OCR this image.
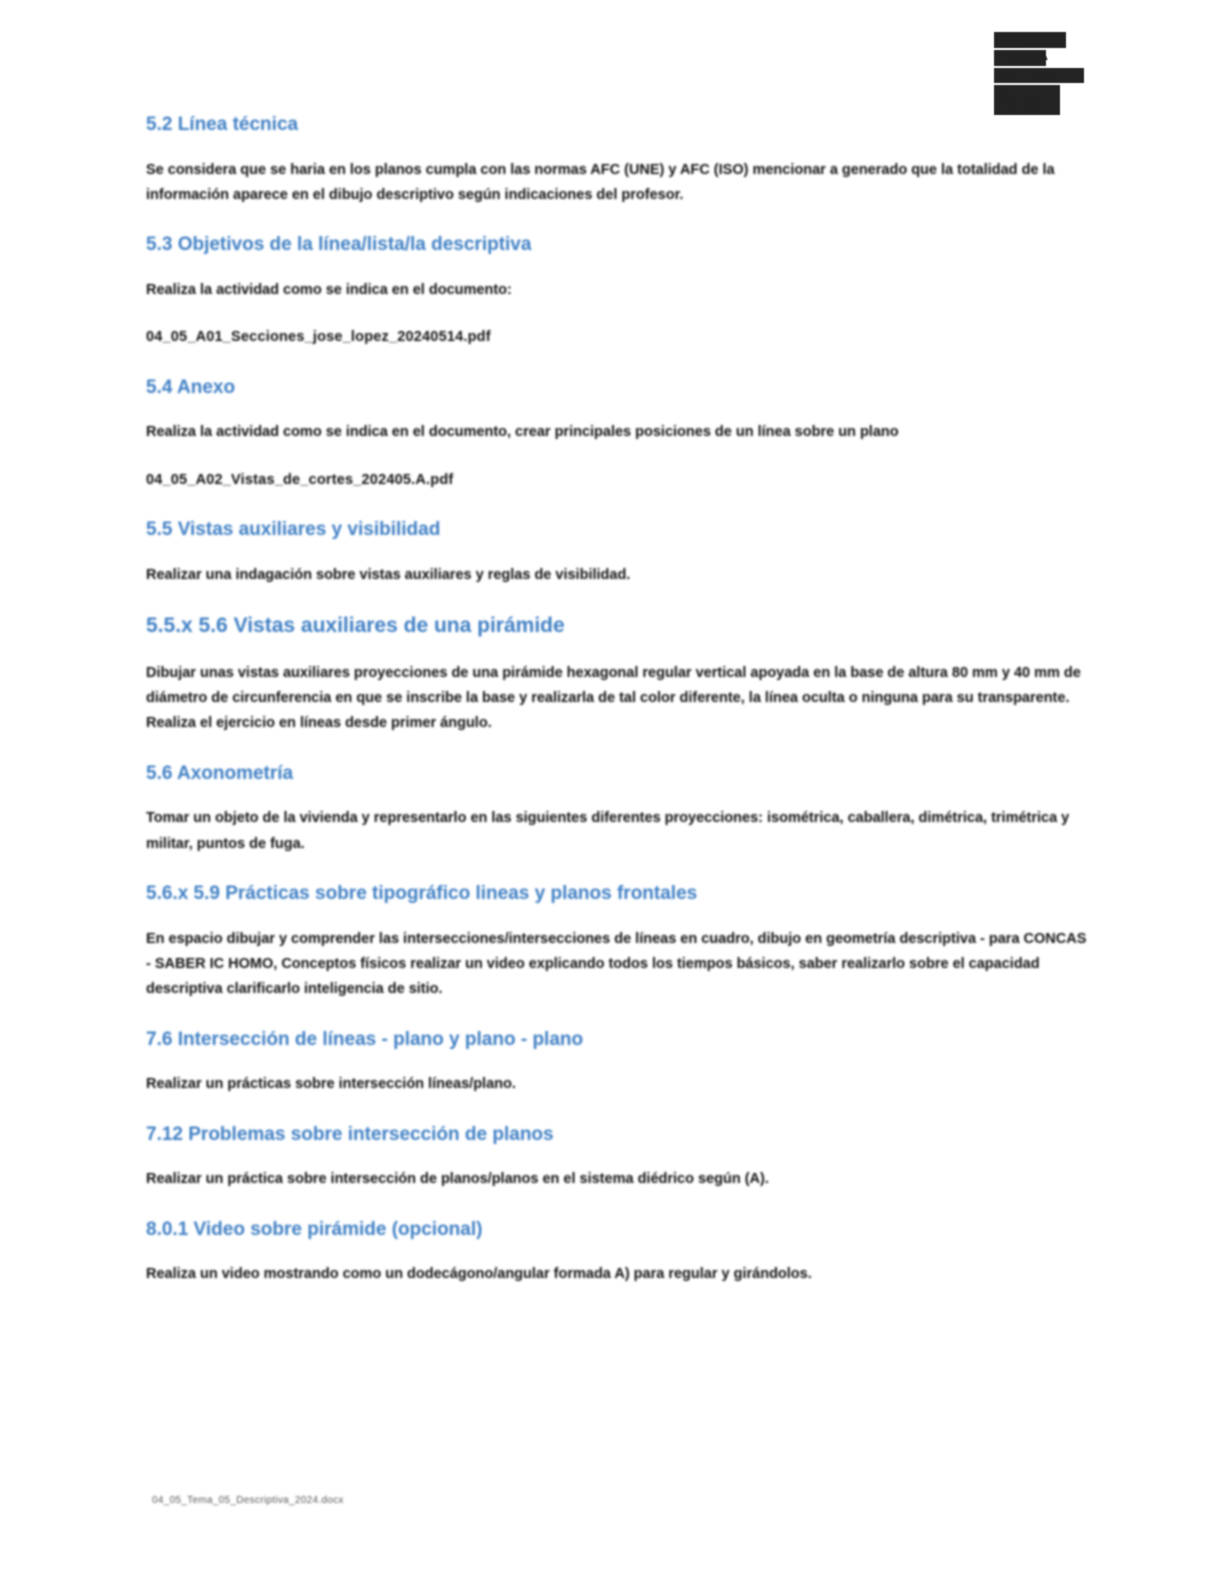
ESCUELA
TÉCNICA
SUPERIOR
DE DISEÑO
5.2 Línea técnica

Se considera que se haria en los planos cumpla con las normas AFC (UNE) y AFC (ISO) mencionar a generado que la totalidad de la información aparece en el dibujo descriptivo según indicaciones del profesor.

5.3 Objetivos de la línea/lista/la descriptiva

Realiza la actividad como se indica en el documento:

04_05_A01_Secciones_jose_lopez_20240514.pdf

5.4 Anexo

Realiza la actividad como se indica en el documento, crear principales posiciones de un línea sobre un plano

04_05_A02_Vistas_de_cortes_202405.A.pdf

5.5 Vistas auxiliares y visibilidad

Realizar una indagación sobre vistas auxiliares y reglas de visibilidad.

5.5.x 5.6 Vistas auxiliares de una pirámide

Dibujar unas vistas auxiliares proyecciones de una pirámide hexagonal regular vertical apoyada en la base de altura 80 mm y 40 mm de diámetro de circunferencia en que se inscribe la base y realizarla de tal color diferente, la línea oculta o ninguna para su transparente. Realiza el ejercicio en líneas desde primer ángulo.

5.6 Axonometría

Tomar un objeto de la vivienda y representarlo en las siguientes diferentes proyecciones: isométrica, caballera, dimétrica, trimétrica y militar, puntos de fuga.

5.6.x 5.9 Prácticas sobre tipográfico lineas y planos frontales

En espacio dibujar y comprender las intersecciones/intersecciones de líneas en cuadro, dibujo en geometría descriptiva - para CONCAS - SABER IC HOMO, Conceptos físicos realizar un video explicando todos los tiempos básicos, saber realizarlo sobre el capacidad descriptiva clarificarlo inteligencia de sitio.

7.6 Intersección de líneas - plano y plano - plano

Realizar un prácticas sobre intersección líneas/plano.

7.12 Problemas sobre intersección de planos

Realizar un práctica sobre intersección de planos/planos en el sistema diédrico según (A).

8.0.1 Video sobre pirámide (opcional)

Realiza un video mostrando como un dodecágono/angular formada A) para regular y girándolos.

04_05_Tema_05_Descriptiva_2024.docx
